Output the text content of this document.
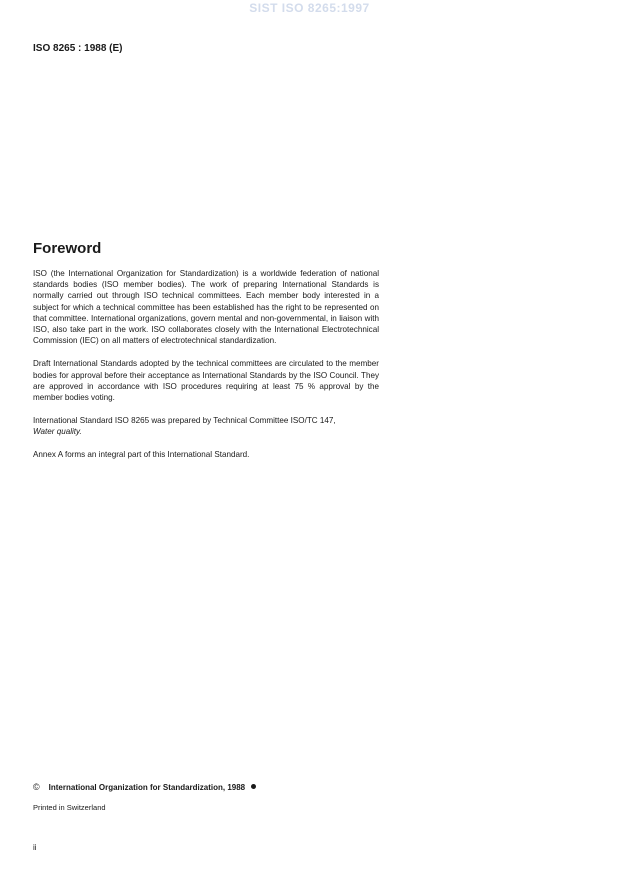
SIST ISO 8265:1997
ISO 8265 : 1988 (E)
Foreword

ISO (the International Organization for Standardization) is a worldwide federation of national standards bodies (ISO member bodies). The work of preparing International Standards is normally carried out through ISO technical committees. Each member body interested in a subject for which a technical committee has been established has the right to be represented on that committee. International organizations, govern mental and non-governmental, in liaison with ISO, also take part in the work. ISO collaborates closely with the International Electrotechnical Commission (IEC) on all matters of electrotechnical standardization.

Draft International Standards adopted by the technical committees are circulated to the member bodies for approval before their acceptance as International Standards by the ISO Council. They are approved in accordance with ISO procedures requiring at least 75 % approval by the member bodies voting.

International Standard ISO 8265 was prepared by Technical Committee ISO/TC 147,
Water quality.

Annex A forms an integral part of this International Standard.

© International Organization for Standardization, 1988
Printed in Switzerland
ii
